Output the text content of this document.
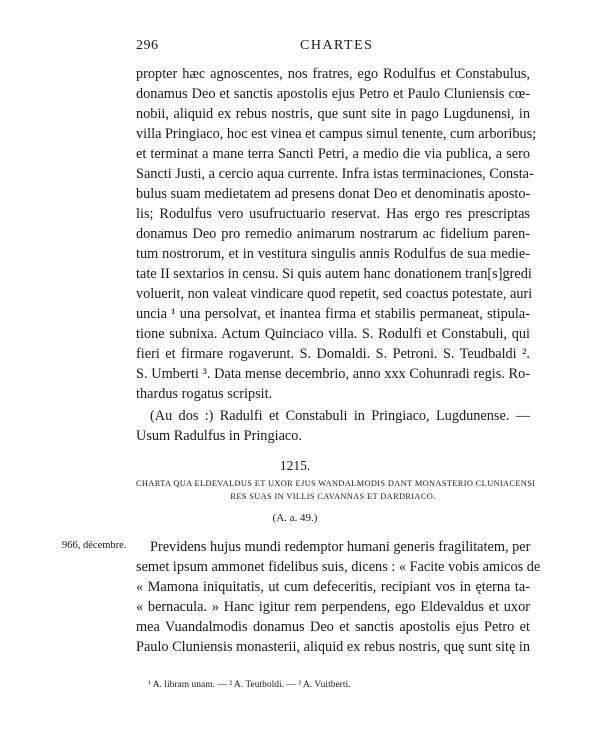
296	CHARTES
propter hæc agnoscentes, nos fratres, ego Rodulfus et Constabulus,
donamus Deo et sanctis apostolis ejus Petro et Paulo Cluniensis cœ-
nobii, aliquid ex rebus nostris, que sunt site in pago Lugdunensi, in
villa Pringiaco, hoc est vinea et campus simul tenente, cum arboribus;
et terminat a mane terra Sancti Petri, a medio die via publica, a sero
Sancti Justi, a cercio aqua currente. Infra istas terminaciones, Consta-
bulus suam medietatem ad presens donat Deo et denominatis aposto-
lis; Rodulfus vero usufructuario reservat. Has ergo res prescriptas
donamus Deo pro remedio animarum nostrarum ac fidelium paren-
tum nostrorum, et in vestitura singulis annis Rodulfus de sua medie-
tate II sextarios in censu. Si quis autem hanc donationem tran[s]gredi
voluerit, non valeat vindicare quod repetit, sed coactus potestate, auri
uncia ¹ una persolvat, et inantea firma et stabilis permaneat, stipula-
tione subnixa. Actum Quinciaco villa. S. Rodulfi et Constabuli, qui
fieri et firmare rogaverunt. S. Domaldi. S. Petroni. S. Teudbaldi ².
S. Umberti ³. Data mense decembrio, anno xxx Cohunradi regis. Ro-
thardus rogatus scripsit.
(Au dos :) Radulfi et Constabuli in Pringiaco, Lugdunense. —
Usum Radulfus in Pringiaco.
1215.
CHARTA QUA ELDEVALDUS ET UXOR EJUS WANDALMODIS DANT MONASTERIO CLUNIACENSI
RES SUAS IN VILLIS CAVANNAS ET DARDRIACO.
(A. a. 49.)
966, décembre. Previdens hujus mundi redemptor humani generis fragilitatem, per
semet ipsum ammonet fidelibus suis, dicens : « Facite vobis amicos de
« Mamona iniquitatis, ut cum defeceritis, recipiant vos in ęterna ta-
« bernacula. » Hanc igitur rem perpendens, ego Eldevaldus et uxor
mea Vuandalmodis donamus Deo et sanctis apostolis ejus Petro et
Paulo Cluniensis monasterii, aliquid ex rebus nostris, quę sunt sitę in
¹ A. libram unam. — ² A. Teutboldi. — ³ A. Vuitberti.
